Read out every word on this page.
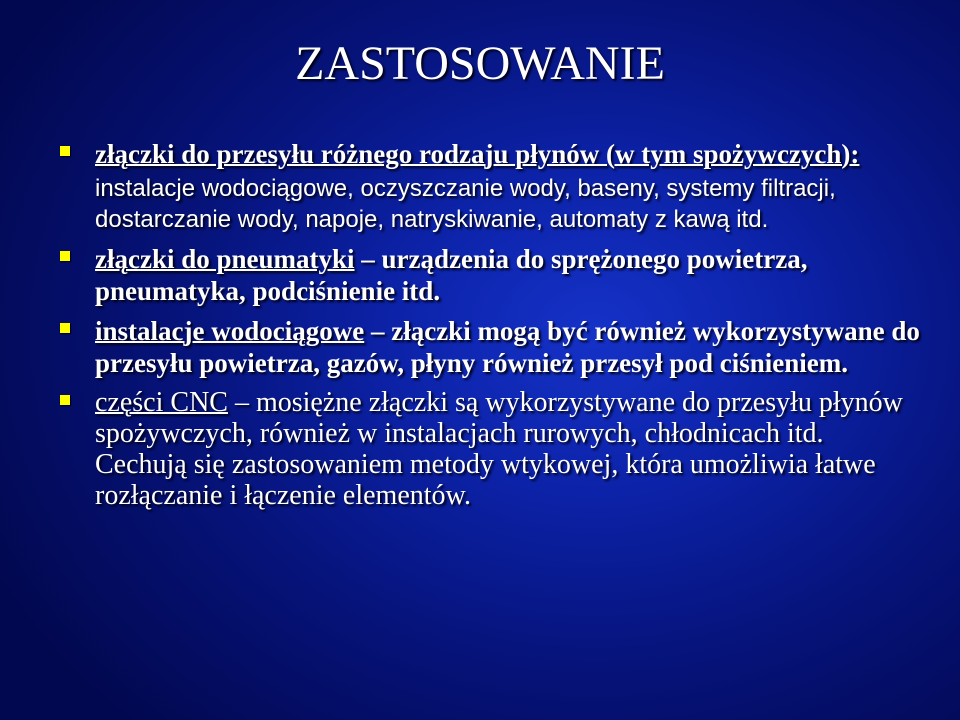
ZASTOSOWANIE
złączki do przesyłu różnego rodzaju płynów (w tym spożywczych):
instalacje wodociągowe, oczyszczanie wody, baseny, systemy filtracji, dostarczanie wody, napoje, natryskiwanie, automaty z kawą itd.
złączki do pneumatyki – urządzenia do sprężonego powietrza, pneumatyka, podciśnienie itd.
instalacje wodociągowe – złączki mogą być również wykorzystywane do przesyłu powietrza, gazów, płyny również przesył pod ciśnieniem.
części CNC – mosiężne złączki są wykorzystywane do przesyłu płynów spożywczych, również w instalacjach rurowych, chłodnicach itd. Cechują się zastosowaniem metody wtykowej, która umożliwia łatwe rozłączanie i łączenie elementów.
